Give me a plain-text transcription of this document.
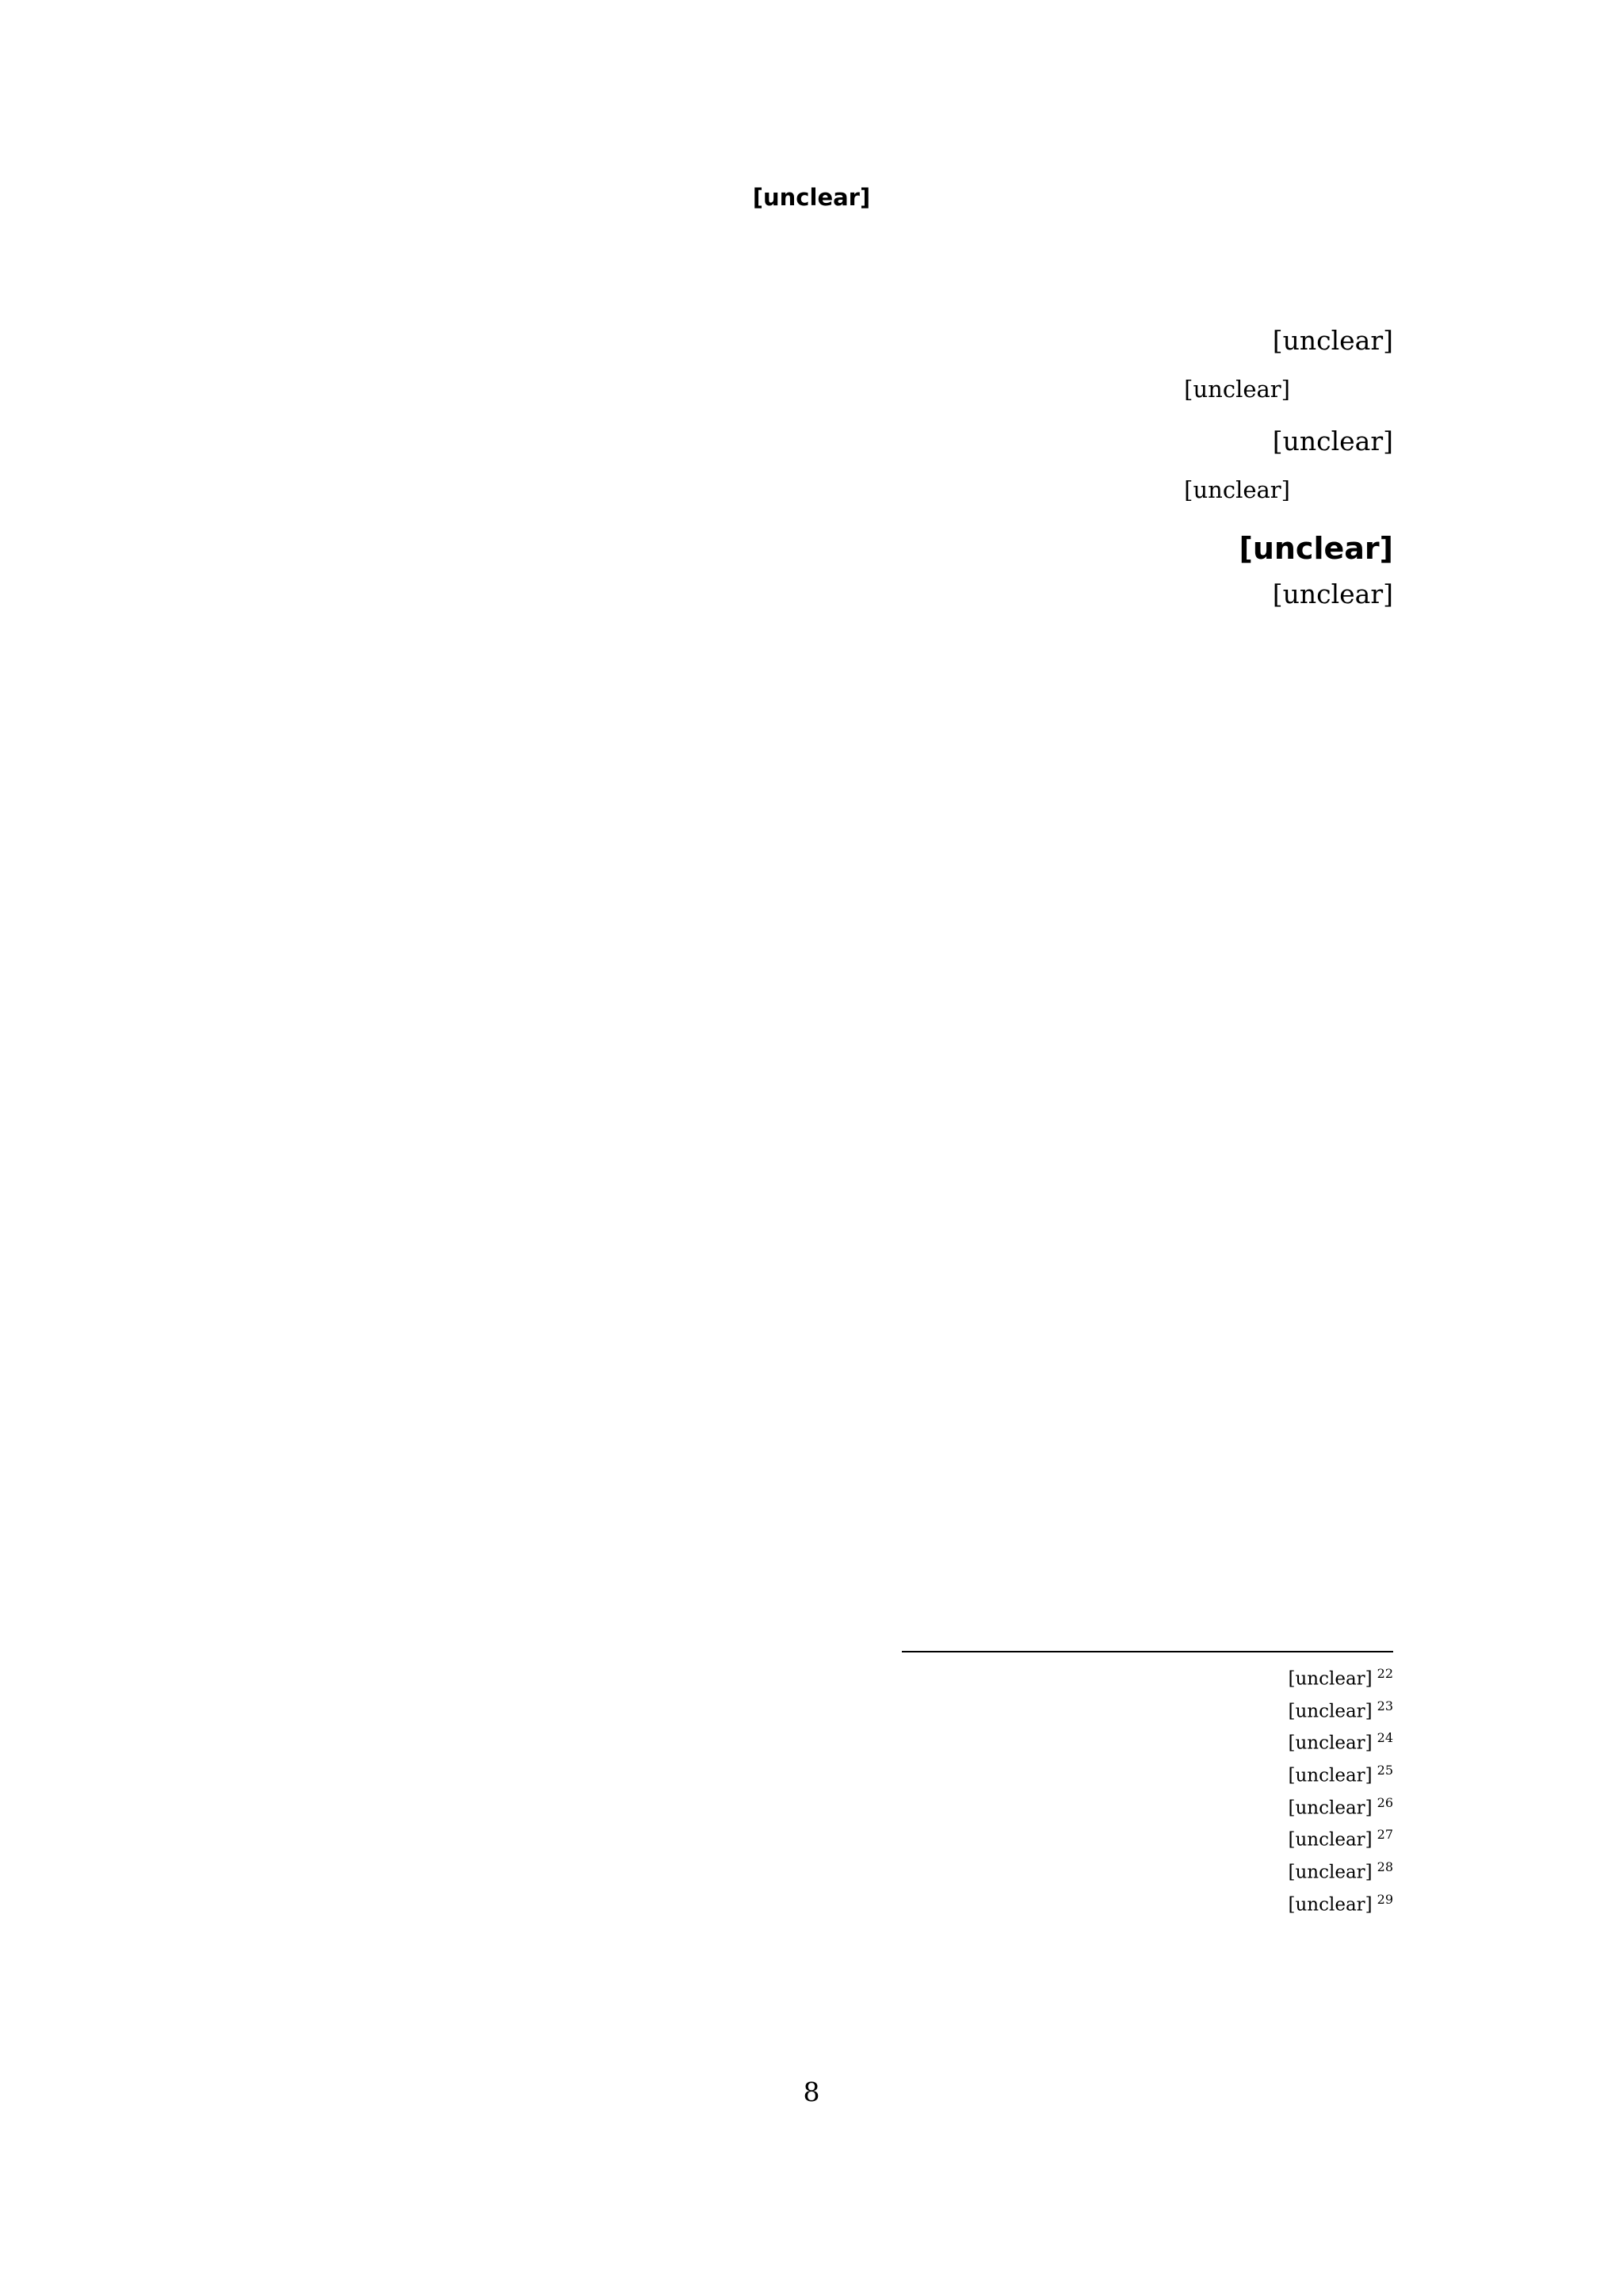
[unclear]

[unclear]

[unclear]

[unclear]

[unclear]

[unclear]

[unclear]

$^{22}$[unclear]

$^{23}$[unclear]

$^{24}$[unclear]

$^{25}$[unclear]

$^{26}$[unclear]

$^{27}$[unclear]

$^{28}$[unclear]

$^{29}$[unclear]

8
